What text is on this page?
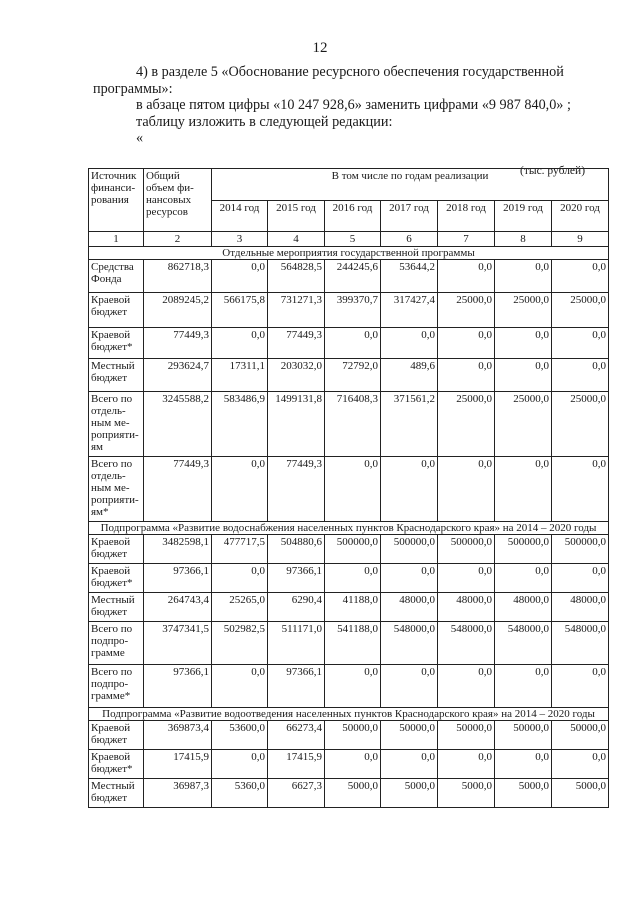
12
4) в разделе 5 «Обоснование ресурсного обеспечения государственной
программы»:
в абзаце пятом цифры «10 247 928,6» заменить цифрами «9 987 840,0» ;
таблицу изложить в следующей редакции:
«
(тыс. рублей)
Источник финанси-рования	Общий объем фи-нансовых ресурсов	В том числе по годам реализации						
		2014 год	2015 год	2016 год	2017 год	2018 год	2019 год	2020 год
1	2	3	4	5	6	7	8	9
Отдельные мероприятия государственной программы								
Средства Фонда	862718,3	0,0	564828,5	244245,6	53644,2	0,0	0,0	0,0
Краевой бюджет	2089245,2	566175,8	731271,3	399370,7	317427,4	25000,0	25000,0	25000,0
Краевой бюджет*	77449,3	0,0	77449,3	0,0	0,0	0,0	0,0	0,0
Местный бюджет	293624,7	17311,1	203032,0	72792,0	489,6	0,0	0,0	0,0
Всего по отдель-ным ме-роприяти-ям	3245588,2	583486,9	1499131,8	716408,3	371561,2	25000,0	25000,0	25000,0
Всего по отдель-ным ме-роприяти-ям*	77449,3	0,0	77449,3	0,0	0,0	0,0	0,0	0,0
Подпрограмма «Развитие водоснабжения населенных пунктов Краснодарского края» на 2014 – 2020 годы								
Краевой бюджет	3482598,1	477717,5	504880,6	500000,0	500000,0	500000,0	500000,0	500000,0
Краевой бюджет*	97366,1	0,0	97366,1	0,0	0,0	0,0	0,0	0,0
Местный бюджет	264743,4	25265,0	6290,4	41188,0	48000,0	48000,0	48000,0	48000,0
Всего по подпро-грамме	3747341,5	502982,5	511171,0	541188,0	548000,0	548000,0	548000,0	548000,0
Всего по подпро-грамме*	97366,1	0,0	97366,1	0,0	0,0	0,0	0,0	0,0
Подпрограмма «Развитие водоотведения населенных пунктов Краснодарского края» на 2014 – 2020 годы								
Краевой бюджет	369873,4	53600,0	66273,4	50000,0	50000,0	50000,0	50000,0	50000,0
Краевой бюджет*	17415,9	0,0	17415,9	0,0	0,0	0,0	0,0	0,0
Местный бюджет	36987,3	5360,0	6627,3	5000,0	5000,0	5000,0	5000,0	5000,0
